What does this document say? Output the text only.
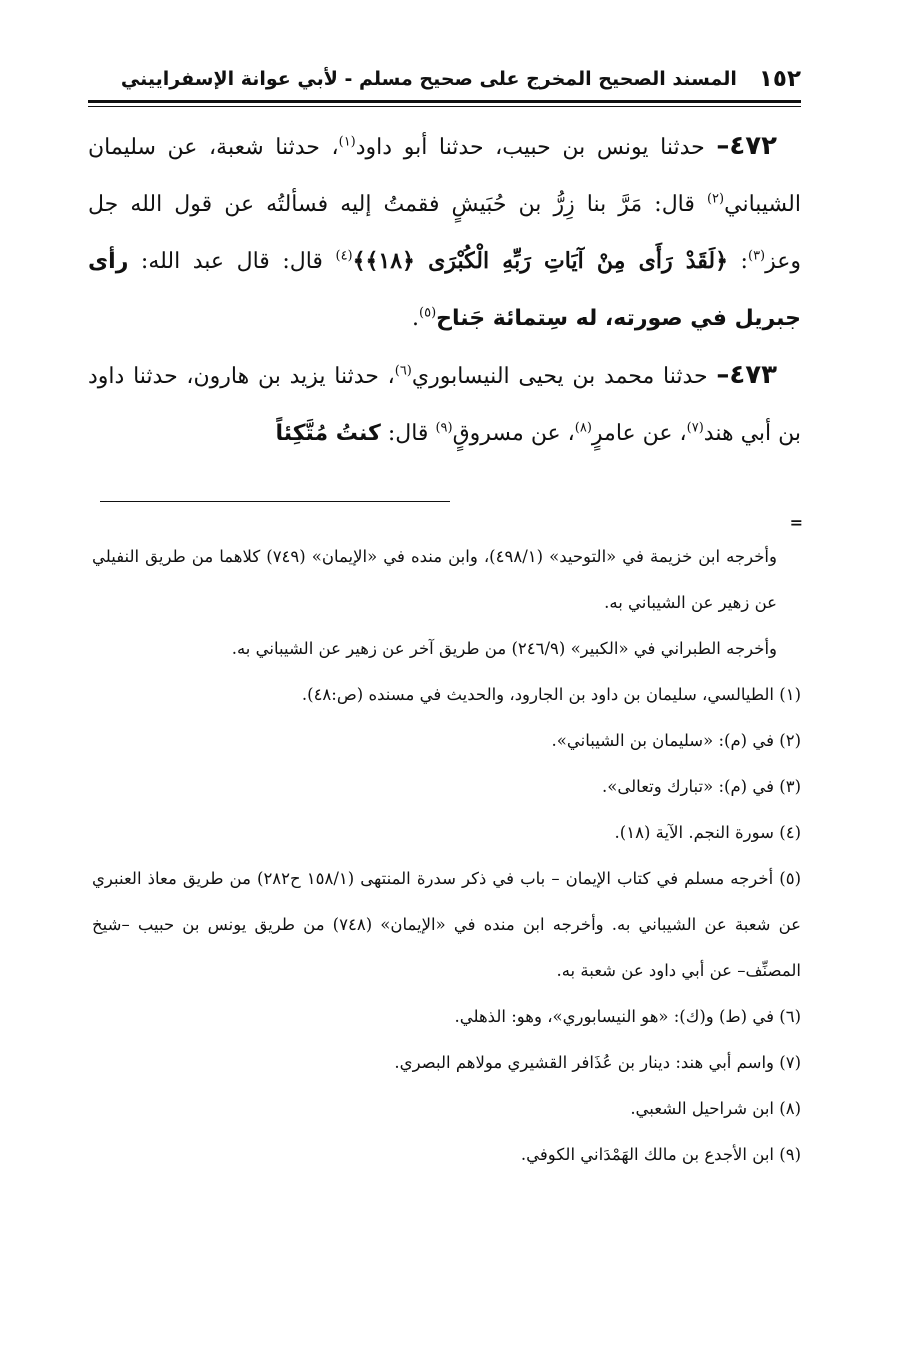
١٥٢
المسند الصحيح المخرج على صحيح مسلم - لأبي عوانة الإسفراييني

٤٧٢– حدثنا يونس بن حبيب، حدثنا أبو داود$^{(١)}$، حدثنا شعبة، عن سليمان الشيباني$^{(٢)}$ قال: مَرَّ بنا زِرُّ بن حُبَيشٍ فقمتُ إليه فسألتُه عن قول الله جل وعز$^{(٣)}$: ﴿لَقَدْ رَأَى مِنْ آيَاتِ رَبِّهِ الْكُبْرَى ﴿١٨﴾﴾$^{(٤)}$ قال: قال عبد الله: رأى جبريل في صورته، له سِتمائة جَناح$^{(٥)}$.

٤٧٣– حدثنا محمد بن يحيى النيسابوري$^{(٦)}$، حدثنا يزيد بن هارون، حدثنا داود بن أبي هند$^{(٧)}$، عن عامرٍ$^{(٨)}$، عن مسروقٍ$^{(٩)}$ قال: كنتُ مُتَّكِئاً

=

وأخرجه ابن خزيمة في «التوحيد» (٤٩٨/١)، وابن منده في «الإيمان» (٧٤٩) كلاهما من طريق النفيلي عن زهير عن الشيباني به.

وأخرجه الطبراني في «الكبير» (٢٤٦/٩) من طريق آخر عن زهير عن الشيباني به.

(١) الطيالسي، سليمان بن داود بن الجارود، والحديث في مسنده (ص:٤٨).

(٢) في (م): «سليمان بن الشيباني».

(٣) في (م): «تبارك وتعالى».

(٤) سورة النجم. الآية (١٨).

(٥) أخرجه مسلم في كتاب الإيمان – باب في ذكر سدرة المنتهى (١٥٨/١ ح٢٨٢) من طريق معاذ العنبري عن شعبة عن الشيباني به. وأخرجه ابن منده في «الإيمان» (٧٤٨) من طريق يونس بن حبيب –شيخ المصنِّف– عن أبي داود عن شعبة به.

(٦) في (ط) و(ك): «هو النيسابوري»، وهو: الذهلي.

(٧) واسم أبي هند: دينار بن عُذَافر القشيري مولاهم البصري.

(٨) ابن شراحيل الشعبي.

(٩) ابن الأجدع بن مالك الهَمْدَاني الكوفي.
